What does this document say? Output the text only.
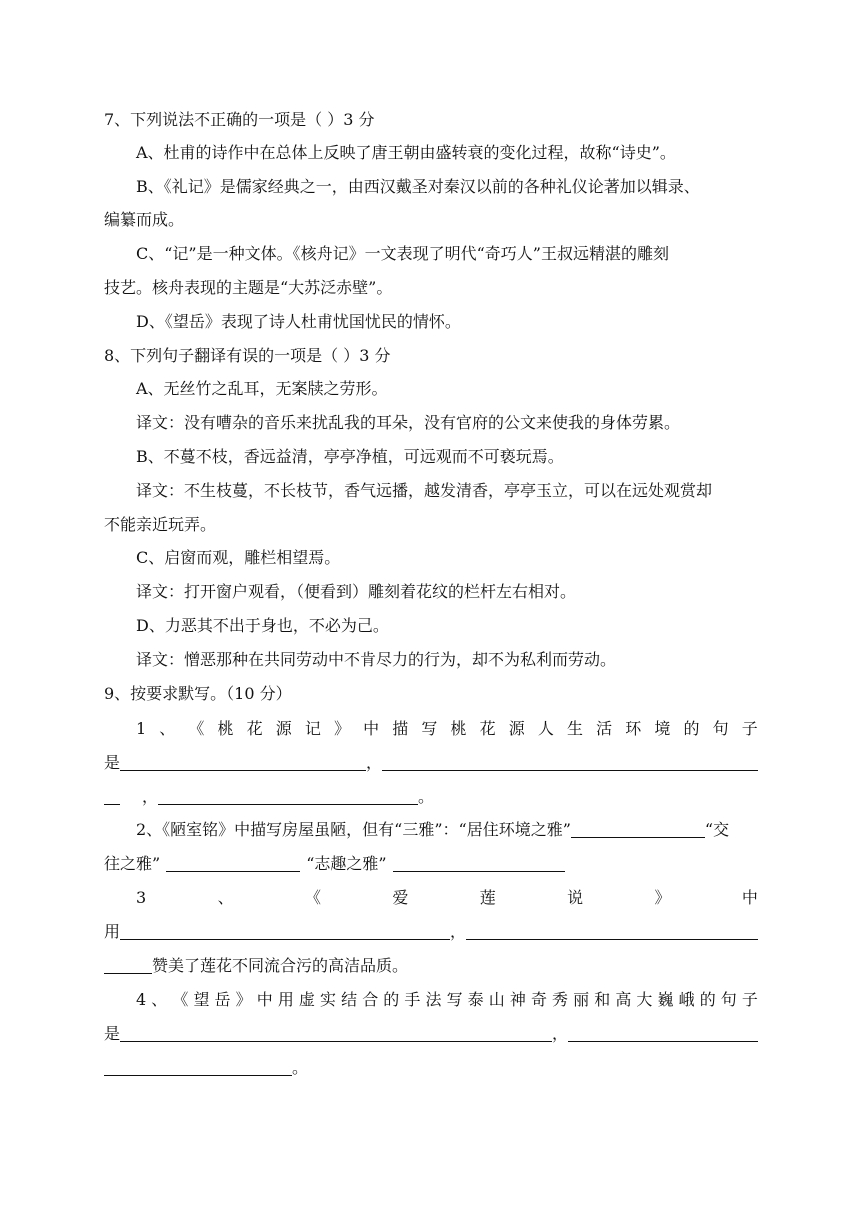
7、下列说法不正确的一项是（ ）3 分
A、杜甫的诗作中在总体上反映了唐王朝由盛转衰的变化过程，故称“诗史”。
B、《礼记》是儒家经典之一，由西汉戴圣对秦汉以前的各种礼仪论著加以辑录、
编纂而成。
C、“记”是一种文体。《核舟记》一文表现了明代“奇巧人”王叔远精湛的雕刻
技艺。核舟表现的主题是“大苏泛赤壁”。
D、《望岳》表现了诗人杜甫忧国忧民的情怀。
8、下列句子翻译有误的一项是（ ）3 分
A、无丝竹之乱耳，无案牍之劳形。
译文：没有嘈杂的音乐来扰乱我的耳朵，没有官府的公文来使我的身体劳累。
B、不蔓不枝，香远益清，亭亭净植，可远观而不可亵玩焉。
译文：不生枝蔓，不长枝节，香气远播，越发清香，亭亭玉立，可以在远处观赏却
不能亲近玩弄。
C、启窗而观，雕栏相望焉。
译文：打开窗户观看，（便看到）雕刻着花纹的栏杆左右相对。
D、力恶其不出于身也，不必为己。
译文：憎恶那种在共同劳动中不肯尽力的行为，却不为私利而劳动。
9、按要求默写。（10 分）
1 、 《 桃 花 源 记 》 中 描 写 桃 花 源 人 生 活 环 境 的 句 子
是	，
，	。
2、《陋室铭》中描写房屋虽陋，但有“三雅”：“居住环境之雅”	“交
往之雅”	“志趣之雅”
3	、	《	爱	莲	说	》	中
用	，
赞美了莲花不同流合污的高洁品质。
4 、 《 望 岳 》 中 用 虚 实 结 合 的 手 法 写 泰 山 神 奇 秀 丽 和 高 大 巍 峨 的 句 子
是	，
。
